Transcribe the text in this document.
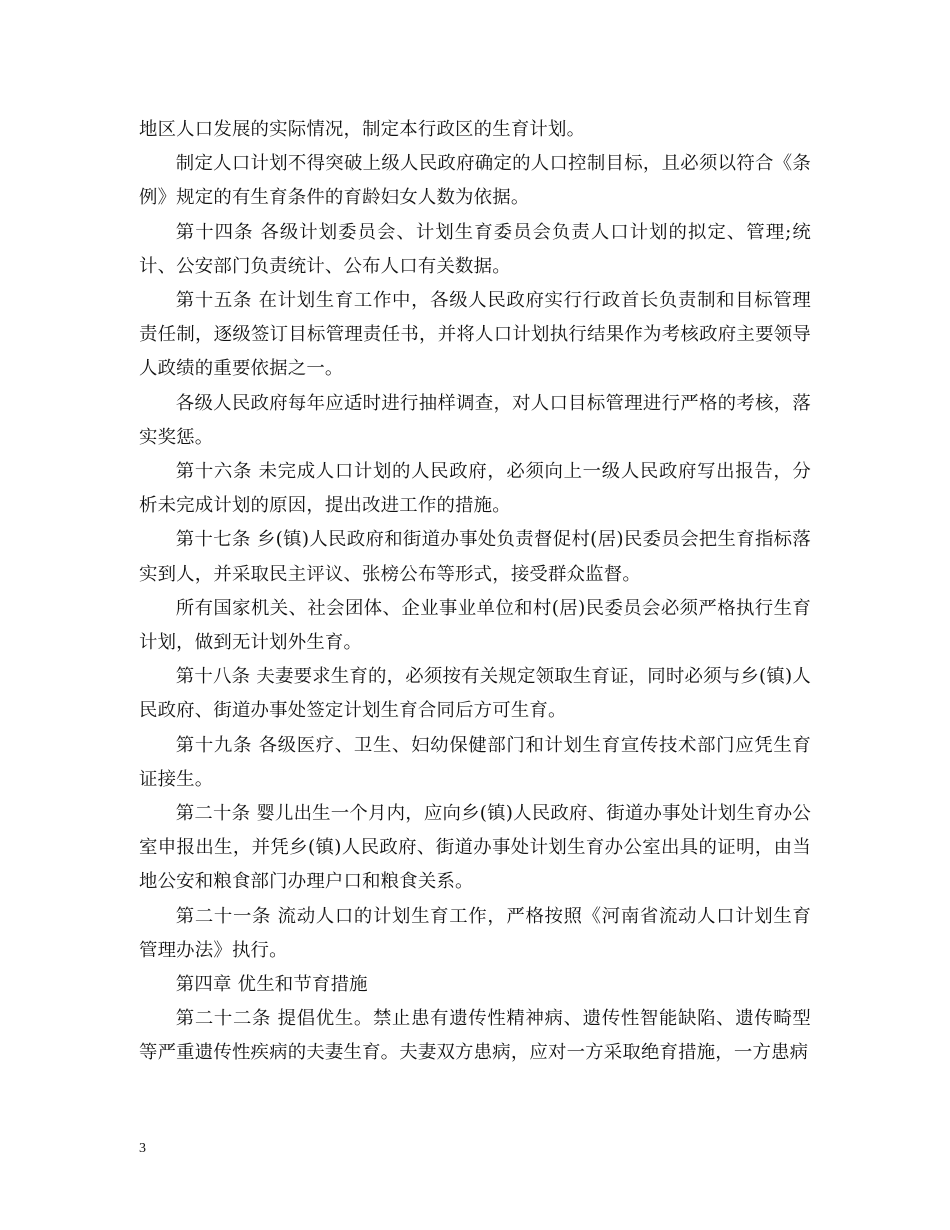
地区人口发展的实际情况，制定本行政区的生育计划。

制定人口计划不得突破上级人民政府确定的人口控制目标，且必须以符合《条例》规定的有生育条件的育龄妇女人数为依据。

第十四条 各级计划委员会、计划生育委员会负责人口计划的拟定、管理;统计、公安部门负责统计、公布人口有关数据。

第十五条 在计划生育工作中，各级人民政府实行行政首长负责制和目标管理责任制，逐级签订目标管理责任书，并将人口计划执行结果作为考核政府主要领导人政绩的重要依据之一。

各级人民政府每年应适时进行抽样调查，对人口目标管理进行严格的考核，落实奖惩。

第十六条 未完成人口计划的人民政府，必须向上一级人民政府写出报告，分析未完成计划的原因，提出改进工作的措施。

第十七条 乡(镇)人民政府和街道办事处负责督促村(居)民委员会把生育指标落实到人，并采取民主评议、张榜公布等形式，接受群众监督。

所有国家机关、社会团体、企业事业单位和村(居)民委员会必须严格执行生育计划，做到无计划外生育。

第十八条 夫妻要求生育的，必须按有关规定领取生育证，同时必须与乡(镇)人民政府、街道办事处签定计划生育合同后方可生育。

第十九条 各级医疗、卫生、妇幼保健部门和计划生育宣传技术部门应凭生育证接生。

第二十条 婴儿出生一个月内，应向乡(镇)人民政府、街道办事处计划生育办公室申报出生，并凭乡(镇)人民政府、街道办事处计划生育办公室出具的证明，由当地公安和粮食部门办理户口和粮食关系。

第二十一条 流动人口的计划生育工作，严格按照《河南省流动人口计划生育管理办法》执行。

第四章 优生和节育措施

第二十二条 提倡优生。禁止患有遗传性精神病、遗传性智能缺陷、遗传畸型等严重遗传性疾病的夫妻生育。夫妻双方患病，应对一方采取绝育措施，一方患病

3
